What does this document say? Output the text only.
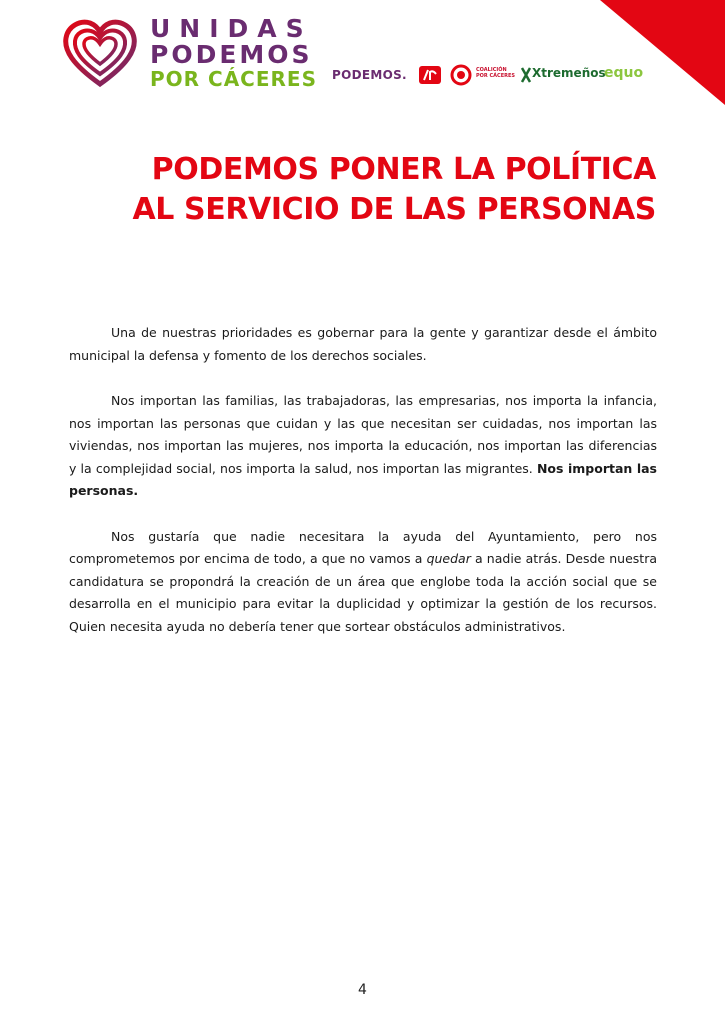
UNIDAS
PODEMOS
POR CÁCERES PODEMOS.	COALICIÓN POR CÁCERES Xtremeños
equo
PODEMOS PONER LA POLÍTICA
AL SERVICIO DE LAS PERSONAS

Una de nuestras prioridades es gobernar para la gente y garantizar desde el ámbito municipal la defensa y fomento de los derechos sociales.

Nos importan las familias, las trabajadoras, las empresarias, nos importa la infancia, nos importan las personas que cuidan y las que necesitan ser cuidadas, nos importan las viviendas, nos importan las mujeres, nos importa la educación, nos importan las diferencias y la complejidad social, nos importa la salud, nos importan las migrantes. Nos importan las personas.

Nos gustaría que nadie necesitara la ayuda del Ayuntamiento, pero nos comprometemos por encima de todo, a que no vamos a quedar a nadie atrás. Desde nuestra candidatura se propondrá la creación de un área que englobe toda la acción social que se desarrolla en el municipio para evitar la duplicidad y optimizar la gestión de los recursos. Quien necesita ayuda no debería tener que sortear obstáculos administrativos.

4
